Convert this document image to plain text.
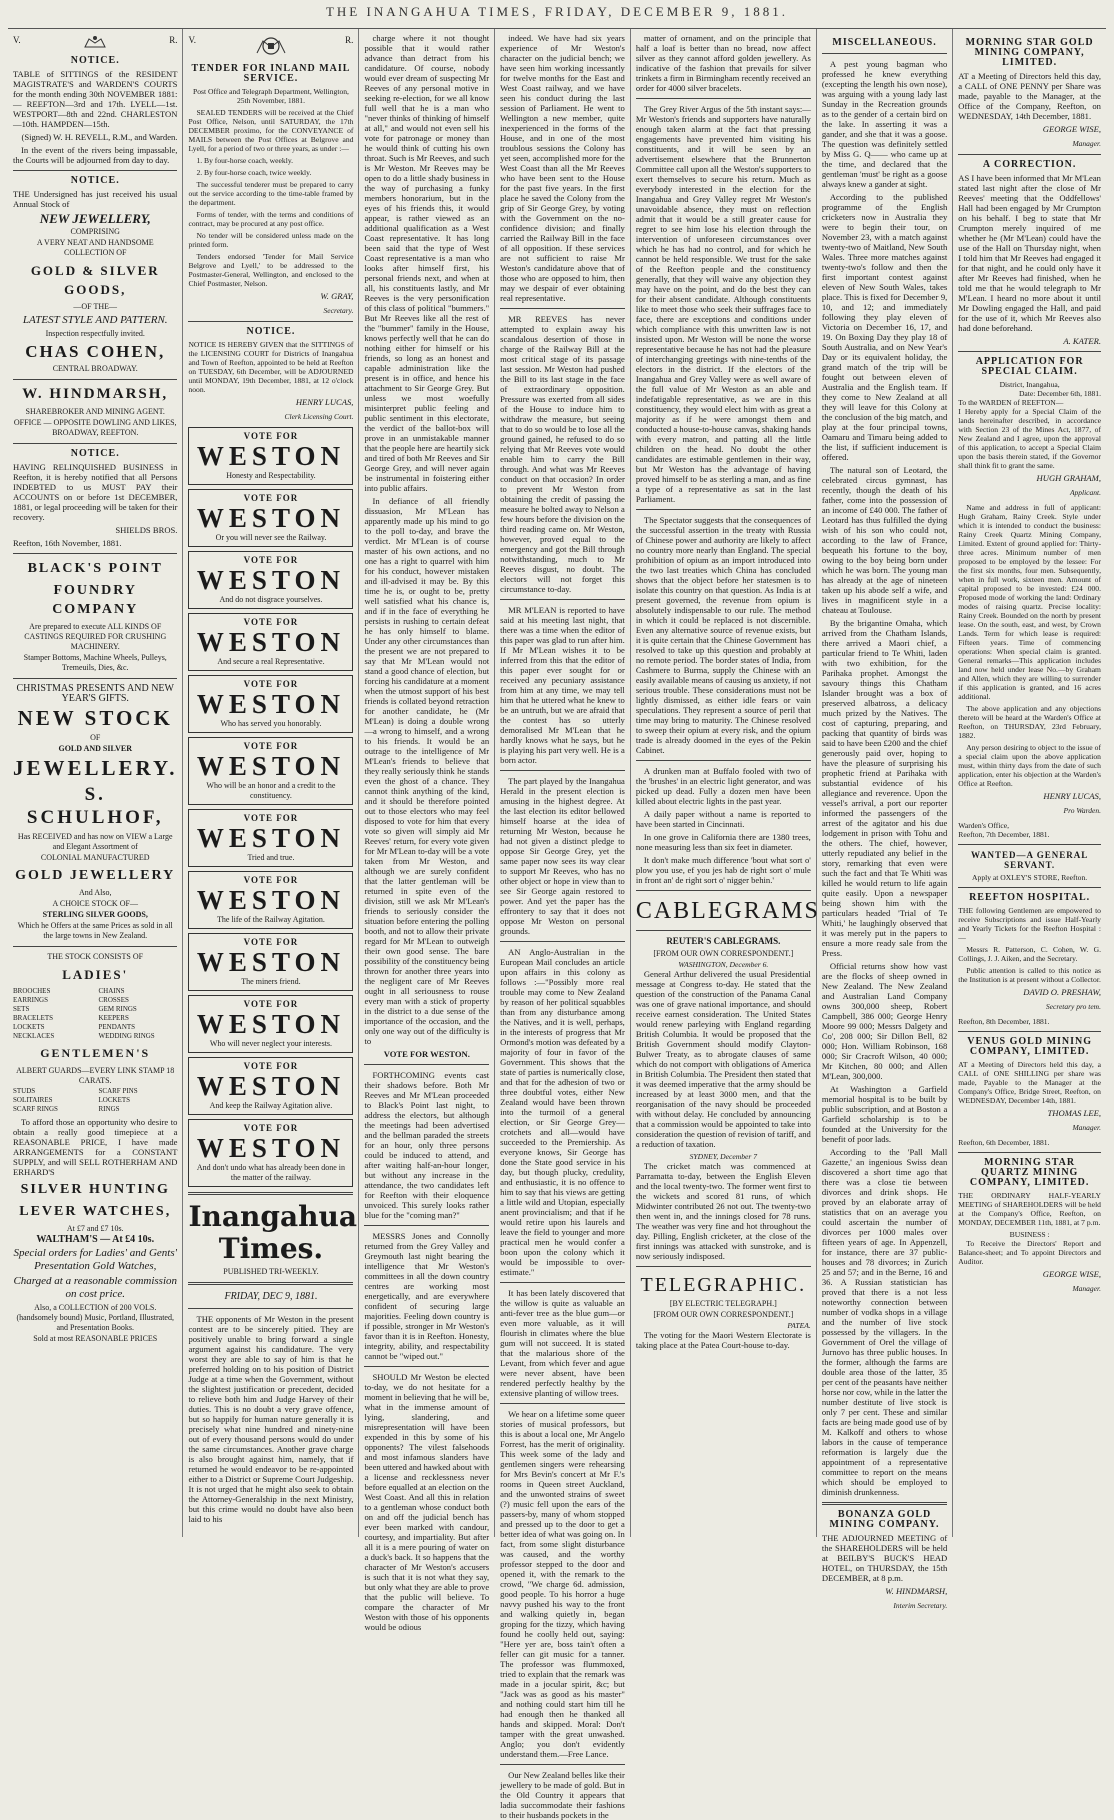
THE INANGAHUA TIMES, FRIDAY, DECEMBER 9, 1881.
V.	R.
NOTICE.

TABLE of SITTINGS of the RESIDENT MAGISTRATE'S and WARDEN'S COURTS for the month ending 30th NOVEMBER 1881:— REEFTON—3rd and 17th. LYELL—1st. WESTPORT—8th and 22nd. CHARLESTON—10th. HAMPDEN—15th.

(Signed) W. H. REVELL, R.M., and Warden.

In the event of the rivers being impassable, the Courts will be adjourned from day to day.

NOTICE.

THE Undersigned has just received his usual Annual Stock of

NEW JEWELLERY,
COMPRISING
A VERY NEAT AND HANDSOME COLLECTION OF
GOLD & SILVER GOODS,
—OF THE—
LATEST STYLE AND PATTERN.
Inspection respectfully invited.
CHAS COHEN,
CENTRAL BROADWAY.
W. HINDMARSH,
SHAREBROKER AND MINING AGENT.
OFFICE — OPPOSITE DOWLING AND LIKES, BROADWAY, REEFTON.
NOTICE.

HAVING RELINQUISHED BUSINESS in Reefton, it is hereby notified that all Persons INDEBTED to us MUST PAY their ACCOUNTS on or before 1st DECEMBER, 1881, or legal proceeding will be taken for their recovery.

SHIELDS BROS.

Reefton, 16th November, 1881.

BLACK'S POINT
FOUNDRY COMPANY
Are prepared to execute ALL KINDS OF CASTINGS REQUIRED FOR CRUSHING MACHINERY.
Stamper Bottoms, Machine Wheels, Pulleys, Tremeuils, Dies, &c.
CHRISTMAS PRESENTS AND NEW YEAR'S GIFTS.
NEW STOCK
OF
GOLD AND SILVER
JEWELLERY.
S. SCHULHOF,
Has RECEIVED and has now on VIEW a Large and Elegant Assortment of
COLONIAL MANUFACTURED
GOLD JEWELLERY
And Also,
A CHOICE STOCK OF—
STERLING SILVER GOODS,
Which he Offers at the same Prices as sold in all the large towns in New Zealand.
THE STOCK CONSISTS OF
LADIES'
BROOCHES	CHAINS
EARRINGS	CROSSES
SETS	GEM RINGS
BRACELETS	KEEPERS
LOCKETS	PENDANTS
NECKLACES	WEDDING RINGS
GENTLEMEN'S
ALBERT GUARDS—EVERY LINK STAMP 18 CARATS.
STUDS	SCARF PINS
SOLITAIRES	LOCKETS
SCARF RINGS	RINGS

To afford those an opportunity who desire to obtain a really good timepiece at a REASONABLE PRICE, I have made ARRANGEMENTS for a CONSTANT SUPPLY, and will SELL ROTHERHAM AND ERHARD'S

SILVER HUNTING
LEVER WATCHES,
At £7 and £7 10s.
WALTHAM'S — At £4 10s.
Special orders for Ladies' and Gents' Presentation Gold Watches,
Charged at a reasonable commission on cost price.
Also, a COLLECTION of 200 VOLS. (handsomely bound) Music, Portland, Illustrated, and Presentation Books.
Sold at most REASONABLE PRICES
V.	R.
TENDER FOR INLAND MAIL SERVICE.

Post Office and Telegraph Department, Wellington, 25th November, 1881.

SEALED TENDERS will be received at the Chief Post Office, Nelson, until SATURDAY, the 17th DECEMBER proximo, for the CONVEYANCE of MAILS between the Post Offices at Belgrove and Lyell, for a period of two or three years, as under :—

1. By four-horse coach, weekly.

2. By four-horse coach, twice weekly.

The successful tenderer must be prepared to carry out the service according to the time-table framed by the department.

Forms of tender, with the terms and conditions of contract, may be procured at any post office.

No tender will be considered unless made on the printed form.

Tenders endorsed 'Tender for Mail Service Belgrove and Lyell,' to be addressed to the Postmaster-General, Wellington, and enclosed to the Chief Postmaster, Nelson.

W. GRAY,
Secretary.
NOTICE.

NOTICE IS HEREBY GIVEN that the SITTINGS of the LICENSING COURT for Districts of Inangahua and Town of Reefton, appointed to be held at Reefton on TUESDAY, 6th December, will be ADJOURNED until MONDAY, 19th December, 1881, at 12 o'clock noon.

HENRY LUCAS,
Clerk Licensing Court.
VOTE FOR
WESTON
Honesty and Respectability.
VOTE FOR
WESTON
Or you will never see the Railway.
VOTE FOR
WESTON
And do not disgrace yourselves.
VOTE FOR
WESTON
And secure a real Representative.
VOTE FOR
WESTON
Who has served you honorably.
VOTE FOR
WESTON
Who will be an honor and a credit to the constituency.
VOTE FOR
WESTON
Tried and true.
VOTE FOR
WESTON
The life of the Railway Agitation.
VOTE FOR
WESTON
The miners friend.
VOTE FOR
WESTON
Who will never neglect your interests.
VOTE FOR
WESTON
And keep the Railway Agitation alive.
VOTE FOR
WESTON
And don't undo what has already been done in the matter of the railway.
Inangahua Times.
PUBLISHED TRI-WEEKLY.
FRIDAY, DEC 9, 1881.

THE opponents of Mr Weston in the present contest are to be sincerely pitied. They are positively unable to bring forward a single argument against his candidature. The very worst they are able to say of him is that he preferred holding on to his position of District Judge at a time when the Government, without the slightest justification or precedent, decided to relieve both him and Judge Harvey of their duties. This is no doubt a very grave offence, but so happily for human nature generally it is precisely what nine hundred and ninety-nine out of every thousand persons would do under the same circumstances. Another grave charge is also brought against him, namely, that if returned he would endeavor to be re-appointed either to a District or Supreme Court Judgeship. It is not urged that he might also seek to obtain the Attorney-Generalship in the next Ministry, but this crime would no doubt have also been laid to his

charge where it not thought possible that it would rather advance than detract from his candidature. Of course, nobody would ever dream of suspecting Mr Reeves of any personal motive in seeking re-election, for we all know full well that he is a man who "never thinks of thinking of himself at all," and would not even sell his vote for patronage or money than he would think of cutting his own throat. Such is Mr Reeves, and such is Mr Weston. Mr Reeves may be open to do a little shady business in the way of purchasing a funky members honorarium, but in the eyes of his friends this, it would appear, is rather viewed as an additional qualification as a West Coast representative. It has long been said that the type of West Coast representative is a man who looks after himself first, his personal friends next, and when at all, his constituents lastly, and Mr Reeves is the very personification of this class of political "bummers." But Mr Reeves like all the rest of the "bummer" family in the House, knows perfectly well that he can do nothing either for himself or his friends, so long as an honest and capable administration like the present is in office, and hence his attachment to Sir George Grey. But unless we most woefully misinterpret public feeling and public sentiment in this electorate, the verdict of the ballot-box will prove in an unmistakable manner that the people here are heartily sick and tired of both Mr Reeves and Sir George Grey, and will never again be instrumental in foistering either into public affairs.

In defiance of all friendly dissuasion, Mr M'Lean has apparently made up his mind to go to the poll to-day, and brave the verdict. Mr M'Lean is of course master of his own actions, and no one has a right to quarrel with him for his conduct, however mistaken and ill-advised it may be. By this time he is, or ought to be, pretty well satisfied what his chance is, and if in the face of everything he persists in rushing to certain defeat he has only himself to blame. Under any other circumstances than the present we are not prepared to say that Mr M'Lean would not stand a good chance of election, but forcing his candidature at a moment when the utmost support of his best friends is collated beyond retraction for another candidate, he (Mr M'Lean) is doing a double wrong —a wrong to himself, and a wrong to his friends. It would be an outrage to the intelligence of Mr M'Lean's friends to believe that they really seriously think he stands even the ghost of a chance. They cannot think anything of the kind, and it should be therefore pointed out to those electors who may feel disposed to vote for him that every vote so given will simply aid Mr Reeves' return, for every vote given for Mr M'Lean to-day will be a vote taken from Mr Weston, and although we are surely confident that the latter gentleman will be returned in spite even of the division, still we ask Mr M'Lean's friends to seriously consider the situation before entering the polling booth, and not to allow their private regard for Mr M'Lean to outweigh their own good sense. The bare possibility of the constituency being thrown for another three years into the negligent care of Mr Reeves ought in all seriousness to rouse every man with a stick of property in the district to a due sense of the importance of the occasion, and the only one way out of the difficulty is to

VOTE FOR WESTON.

FORTHCOMING events cast their shadows before. Both Mr Reeves and Mr M'Lean proceeded to Black's Point last night, to address the electors, but although the meetings had been advertised and the bellman paraded the streets for an hour, only three persons could be induced to attend, and after waiting half-an-hour longer, but without any increase in the attendance, the two candidates left for Reefton with their eloquence unvoiced. This surely looks rather blue for the "coming man?"

MESSRS Jones and Connolly returned from the Grey Valley and Greymouth last night bearing the intelligence that Mr Weston's committees in all the down country centres are working most energetically, and are everywhere confident of securing large majorities. Feeling down country is if possible, stronger in Mr Weston's favor than it is in Reefton. Honesty, integrity, ability, and respectability cannot be "wiped out."

SHOULD Mr Weston be elected to-day, we do not hesitate for a moment in believing that he will be, what in the immense amount of lying, slandering, and misrepresentation will have been expended in this by some of his opponents? The vilest falsehoods and most infamous slanders have been uttered and hawked about with a license and recklessness never before equalled at an election on the West Coast. And all this in relation to a gentleman whose conduct both on and off the judicial bench has ever been marked with candour, courtesy, and impartiality. But after all it is a mere pouring of water on a duck's back. It so happens that the character of Mr Weston's accusers is such that it is not what they say, but only what they are able to prove that the public will believe. To compare the character of Mr Weston with those of his opponents would be odious

indeed. We have had six years experience of Mr Weston's character on the judicial bench; we have seen him working incessantly for twelve months for the East and West Coast railway, and we have seen his conduct during the last session of Parliament. He went to Wellington a new member, quite inexperienced in the forms of the House, and in one of the most troublous sessions the Colony has yet seen, accomplished more for the West Coast than all the Mr Reeves who have been sent to the House for the past five years. In the first place he saved the Colony from the grip of Sir George Grey, by voting with the Government on the no-confidence division; and finally carried the Railway Bill in the face of all opposition. If these services are not sufficient to raise Mr Weston's candidature above that of those who are opposed to him, then may we despair of ever obtaining real representative.

MR REEVES has never attempted to explain away his scandalous desertion of those in charge of the Railway Bill at the most critical stage of its passage last session. Mr Weston had pushed the Bill to its last stage in the face of extraordinary opposition. Pressure was exerted from all sides of the House to induce him to withdraw the measure, but seeing that to do so would be to lose all the ground gained, he refused to do so relying that Mr Reeves vote would enable him to carry the Bill through. And what was Mr Reeves conduct on that occasion? In order to prevent Mr Weston from obtaining the credit of passing the measure he bolted away to Nelson a few hours before the division on the third reading came on. Mr Weston, however, proved equal to the emergency and got the Bill through notwithstanding, much to Mr Reeves disgust, no doubt. The electors will not forget this circumstance to-day.

MR M'LEAN is reported to have said at his meeting last night, that there was a time when the editor of this paper was glad to run after him. If Mr M'Lean wishes it to be inferred from this that the editor of this paper ever sought for or received any pecuniary assistance from him at any time, we may tell him that he uttered what he knew to be an untruth, but we are afraid that the contest has so utterly demoralised Mr M'Lean that he hardly knows what he says, but he is playing his part very well. He is a born actor.

The part played by the Inangahua Herald in the present election is amusing in the highest degree. At the last election its editor bellowed himself hoarse at the idea of returning Mr Weston, because he had not given a distinct pledge to oppose Sir George Grey, yet the same paper now sees its way clear to support Mr Reeves, who has no other object or hope in view than to see Sir George again restored to power. And yet the paper has the effrontery to say that it does not oppose Mr Weston on personal grounds.

AN Anglo-Australian in the European Mail concludes an article upon affairs in this colony as follows :—"Possibly more real trouble may come to New Zealand by reason of her political squabbles than from any disturbance among the Natives, and it is well, perhaps, in the interests of progress that Mr Ormond's motion was defeated by a majority of four in favor of the Government. This shows that the state of parties is numerically close, and that for the adhesion of two or three doubtful votes, either New Zealand would have been thrown into the turmoil of a general election, or Sir George Grey—crotchets and all—would have succeeded to the Premiership. As everyone knows, Sir George has done the State good service in his day, but though plucky, credulity, and enthusiastic, it is no offence to him to say that his views are getting a little wild and Utopian, especially anent provincialism; and that if he would retire upon his laurels and leave the field to younger and more practical men he would confer a boon upon the colony which it would be impossible to over-estimate."

It has been lately discovered that the willow is quite as valuable an anti-fever tree as the blue gum—or even more valuable, as it will flourish in climates where the blue gum will not succeed. It is stated that the malarious shore of the Levant, from which fever and ague were never absent, have been rendered perfectly healthy by the extensive planting of willow trees.

We hear on a lifetime some queer stories of musical professors, but this is about a local one, Mr Angelo Forrest, has the merit of originality. This week some of the lady and gentlemen singers were rehearsing for Mrs Bevin's concert at Mr F.'s rooms in Queen street Auckland, and the unwonted strains of sweet (?) music fell upon the ears of the passers-by, many of whom stopped and pressed up to the door to get a better idea of what was going on. In fact, from some slight disturbance was caused, and the worthy professor stepped to the door and opened it, with the remark to the crowd, "We charge 6d. admission, good people. To his horror a huge navvy pushed his way to the front and walking quietly in, began groping for the tizzy, which having found he coolly held out, saying: "Here yer are, boss tain't often a feller can git music for a tanner. The professor was flummoxed, tried to explain that the remark was made in a jocular spirit, &c; but "Jack was as good as his master" and nothing could start him till he had enough then he thanked all hands and skipped. Moral: Don't tamper with the great unwashed. Anglo; you don't evidently understand them.—Free Lance.

Our New Zealand belles like their jewellery to be made of gold. But in the Old Country it appears that ladia succommodate their fashions to their husbands pockets in the

matter of ornament, and on the principle that half a loaf is better than no bread, now affect silver as they cannot afford golden jewellery. As indicative of the fashion that prevails for silver trinkets a firm in Birmingham recently received an order for 4000 silver bracelets.

The Grey River Argus of the 5th instant says:—Mr Weston's friends and supporters have naturally enough taken alarm at the fact that pressing engagements have prevented him visiting his constituents, and it will be seen by an advertisement elsewhere that the Brunnerton Committee call upon all the Weston's supporters to exert themselves to secure his return. Much as everybody interested in the election for the Inangahua and Grey Valley regret Mr Weston's unavoidable absence, they must on reflection admit that it would be a still greater cause for regret to see him lose his election through the intervention of unforeseen circumstances over which he has had no control, and for which he cannot be held responsible. We trust for the sake of the Reefton people and the constituency generally, that they will waive any objection they may have on the point, and do the best they can for their absent candidate. Although constituents like to meet those who seek their suffrages face to face, there are exceptions and conditions under which compliance with this unwritten law is not insisted upon. Mr Weston will be none the worse representative because he has not had the pleasure of interchanging greetings with nine-tenths of the electors in the district. If the electors of the Inangahua and Grey Valley were as well aware of the full value of Mr Weston as an able and indefatigable representative, as we are in this constituency, they would elect him with as great a majority as if he were amongst them and conducted a house-to-house canvas, shaking hands with every matron, and patting all the little children on the head. No doubt the other candidates are estimable gentlemen in their way, but Mr Weston has the advantage of having proved himself to be as sterling a man, and as fine a type of a representative as sat in the last Parliament.

The Spectator suggests that the consequences of the successful assertion in the treaty with Russia of Chinese power and authority are likely to affect no country more nearly than England. The special prohibition of opium as an import introduced into the two last treaties which China has concluded shows that the object before her statesmen is to isolate this country on that question. As India is at present governed, the revenue from opium is absolutely indispensable to our rule. The method in which it could be replaced is not discernible. Even any alternative source of revenue exists, but it is quite certain that the Chinese Government has resolved to take up this question and probably at no remote period. The border states of India, from Cashmere to Burma, supply the Chinese with an easily available means of causing us anxiety, if not serious trouble. These considerations must not be lightly dismissed, as either idle fears or vain speculations. They represent a source of peril that time may bring to maturity. The Chinese resolved to sweep their opium at every risk, and the opium trade is already doomed in the eyes of the Pekin Cabinet.

A drunken man at Buffalo fooled with two of the 'brushes' in an electric light generator, and was picked up dead. Fully a dozen men have been killed about electric lights in the past year.

A daily paper without a name is reported to have been started in Cincinnati.

In one grove in California there are 1380 trees, none measuring less than six feet in diameter.

It don't make much difference 'bout what sort o' plow you use, ef you jes hab de right sort o' mule in front an' de right sort o' nigger behin.'

CABLEGRAMS
REUTER'S CABLEGRAMS.
[FROM OUR OWN CORRESPONDENT.]
WASHINGTON, December 6.

General Arthur delivered the usual Presidential message at Congress to-day. He stated that the question of the construction of the Panama Canal was one of grave national importance, and should receive earnest consideration. The United States would renew parleying with England regarding British Columbia. It would be proposed that the British Government should modify Clayton-Bulwer Treaty, as to abrogate clauses of same which do not comport with obligations of America in British Columbia. The President then stated that it was deemed imperative that the army should be increased by at least 3000 men, and that the reorganisation of the navy should be proceeded with without delay. He concluded by announcing that a commission would be appointed to take into consideration the question of revision of tariff, and a reduction of taxation.

SYDNEY, December 7

The cricket match was commenced at Parramatta to-day, between the English Eleven and the local twenty-two. The former went first to the wickets and scored 81 runs, of which Midwinter contributed 26 not out. The twenty-two then went in, and the innings closed for 78 runs. The weather was very fine and hot throughout the day. Pilling, English cricketer, at the close of the first innings was attacked with sunstroke, and is now seriously indisposed.

TELEGRAPHIC.
[BY ELECTRIC TELEGRAPH.]
[FROM OUR OWN CORRESPONDENT.]
PATEA.

The voting for the Maori Western Electorate is taking place at the Patea Court-house to-day.

MISCELLANEOUS.

A pest young bagman who professed he knew everything (excepting the length his own nose), was arguing with a young lady last Sunday in the Recreation grounds as to the gender of a certain bird on the lake. In asserting it was a gander, and she that it was a goose. The question was definitely settled by Miss G. Q—— who came up at the time, and declared that the gentleman 'must' be right as a goose always knew a gander at sight.

According to the published programme of the English cricketers now in Australia they were to begin their tour, on November 23, with a match against twenty-two of Maitland, New South Wales. Three more matches against twenty-two's follow and then the first important contest against eleven of New South Wales, takes place. This is fixed for December 9, 10, and 12; and immediately following they play eleven of Victoria on December 16, 17, and 19. On Boxing Day they play 18 of South Australia, and on New Year's Day or its equivalent holiday, the grand match of the trip will be fought out between eleven of Australia and the English team. If they come to New Zealand at all they will leave for this Colony at the conclusion of the big match, and play at the four principal towns, Oamaru and Timaru being added to the list, if sufficient inducement is offered.

The natural son of Leotard, the celebrated circus gymnast, has recently, though the death of his father, come into the possession of an income of £40 000. The father of Leotard has thus fulfilled the dying wish of his son who could not, according to the law of France, bequeath his fortune to the boy, owing to the boy being born under which he was born. The young man has already at the age of nineteen taken up his abode self a wife, and lives in magnificent style in a chateau at Toulouse.

By the brigantine Omaha, which arrived from the Chatham Islands, there arrived a Maori chief, a particular friend to Te Whiti, laden with two exhibition, for the Parihaka prophet. Amongst the savoury things this Chatham Islander brought was a box of preserved albatross, a delicacy much prized by the Natives. The cost of capturing, preparing, and packing that quantity of birds was said to have been £200 and the chief generously paid over, hoping to have the pleasure of surprising his prophetic friend at Parihaka with substantial evidence of his allegiance and reverence. Upon the vessel's arrival, a port our reporter informed the passengers of the arrest of the agitator and his due lodgement in prison with Tohu and the others. The chief, however, utterly repudiated any belief in the story, remarking that even were such the fact and that Te Whiti was killed he would return to life again quite easily. Upon a newspaper being shown him with the particulars headed 'Trial of Te Whiti,' he laughingly observed that it was merely put in the papers to ensure a more ready sale from the Press.

Official returns show how vast are the flocks of sheep owned in New Zealand. The New Zealand and Australian Land Company owns 300,000 sheep, Robert Campbell, 386 000; George Henry Moore 99 000; Messrs Dalgety and Co', 208 000; Sir Dillon Bell, 82 000; Hon. William Robinson, 168 000; Sir Cracroft Wilson, 40 000; Mr Kitchen, 80 000; and Allen M'Lean, 300,000.

At Washington a Garfield memorial hospital is to be built by public subscription, and at Boston a Garfield scholarship is to be founded at the University for the benefit of poor lads.

According to the 'Pall Mall Gazette,' an ingenious Swiss dean discovered a short time ago that there was a close tie between divorces and drink shops. He proved by an elaborate array of statistics that on an average you could ascertain the number of divorces per 1000 males over fifteen years of age. In Appenzell, for instance, there are 37 public-houses and 78 divorces; in Zurich 25 and 57; and in the Berne, 16 and 36. A Russian statistician has proved that there is a not less noteworthy connection between number of vodka shops in a village and the number of live stock possessed by the villagers. In the Government of Orel the village of Jurnovo has three public houses. In the former, although the farms are double area those of the latter, 35 per cent of the peasants have neither horse nor cow, while in the latter the number destitute of live stock is only 7 per cent. These and similar facts are being made good use of by M. Kalkoff and others to whose labors in the cause of temperance reformation is largely due the appointment of a representative committee to report on the means which should be employed to diminish drunkenness.

BONANZA GOLD MINING COMPANY.

THE ADJOURNED MEETING of the SHAREHOLDERS will be held at BEILBY'S BUCK'S HEAD HOTEL, on THURSDAY, the 15th DECEMBER, at 8 p.m.

W. HINDMARSH,
Interim Secretary.
MORNING STAR GOLD MINING COMPANY, LIMITED.

AT a Meeting of Directors held this day, a CALL of ONE PENNY per Share was made, payable to the Manager, at the Office of the Company, Reefton, on WEDNESDAY, 14th December, 1881.

GEORGE WISE,
Manager.
A CORRECTION.

AS I have been informed that Mr M'Lean stated last night after the close of Mr Reeves' meeting that the Oddfellows' Hall had been engaged by Mr Crumpton on his behalf. I beg to state that Mr Crumpton merely inquired of me whether he (Mr M'Lean) could have the use of the Hall on Thursday night, when I told him that Mr Reeves had engaged it for that night, and he could only have it after Mr Reeves had finished, when he told me that he would telegraph to Mr M'Lean. I heard no more about it until Mr Dowling engaged the Hall, and paid for the use of it, which Mr Reeves also had done beforehand.

A. KATER.
APPLICATION FOR SPECIAL CLAIM.
District, Inangahua,
Date: December 6th, 1881.
To the WARDEN of REEFTON—

I Hereby apply for a Special Claim of the lands hereinafter described, in accordance with Section 23 of the Mines Act, 1877, of New Zealand and I agree, upon the approval of this application, to accept a Special Claim upon the basis therein stated, if the Governor shall think fit to grant the same.

HUGH GRAHAM,
Applicant.

Name and address in full of applicant: Hugh Graham, Rainy Creek. Style under which it is intended to conduct the business: Rainy Creek Quartz Mining Company, Limited. Extent of ground applied for: Thirty-three acres. Minimum number of men proposed to be employed by the lessee: For the first six months, four men. Subsequently, when in full work, sixteen men. Amount of capital proposed to be invested: £24 000. Proposed mode of working the land: Ordinary modes of raising quartz. Precise locality: Rainy Creek. Bounded on the north by present lease. On the south, east, and west, by Crown Lands. Term for which lease is required: Fifteen years. Time of commencing operations: When special claim is granted. General remarks—This application includes land now held under lease No.—by Graham and Allen, which they are willing to surrender if this application is granted, and 16 acres additional.

The above application and any objections thereto will be heard at the Warden's Office at Reefton, on THURSDAY, 23rd February, 1882.

Any person desiring to object to the issue of a special claim upon the above application must, within thirty days from the date of such application, enter his objection at the Warden's Office at Reefton.

HENRY LUCAS,
Pro Warden.
Warden's Office,
Reefton, 7th December, 1881.
WANTED—A GENERAL SERVANT.
Apply at OXLEY'S STORE, Reefton.
REEFTON HOSPITAL.

THE following Gentlemen are empowered to receive Subscriptions and issue Half-Yearly and Yearly Tickets for the Reefton Hospital :—

Messrs R. Patterson, C. Cohen, W. G. Collings, J. J. Aiken, and the Secretary.

Public attention is called to this notice as the Institution is at present without a Collector.

DAVID O. PRESHAW,
Secretary pro tem.
Reefton, 8th December, 1881.
VENUS GOLD MINING COMPANY, LIMITED.

AT a Meeting of Directors held this day, a CALL of ONE SHILLING per share was made, Payable to the Manager at the Company's Office, Bridge Street, Reefton, on WEDNESDAY, December 14th, 1881.

THOMAS LEE,
Manager.
Reefton, 6th December, 1881.
MORNING STAR QUARTZ MINING COMPANY, LIMITED.

THE ORDINARY HALF-YEARLY MEETING of SHAREHOLDERS will be held at the Company's Office, Reefton, on MONDAY, DECEMBER 11th, 1881, at 7 p.m.

BUSINESS :

To Receive the Directors' Report and Balance-sheet; and To appoint Directors and Auditor.

GEORGE WISE,
Manager.
